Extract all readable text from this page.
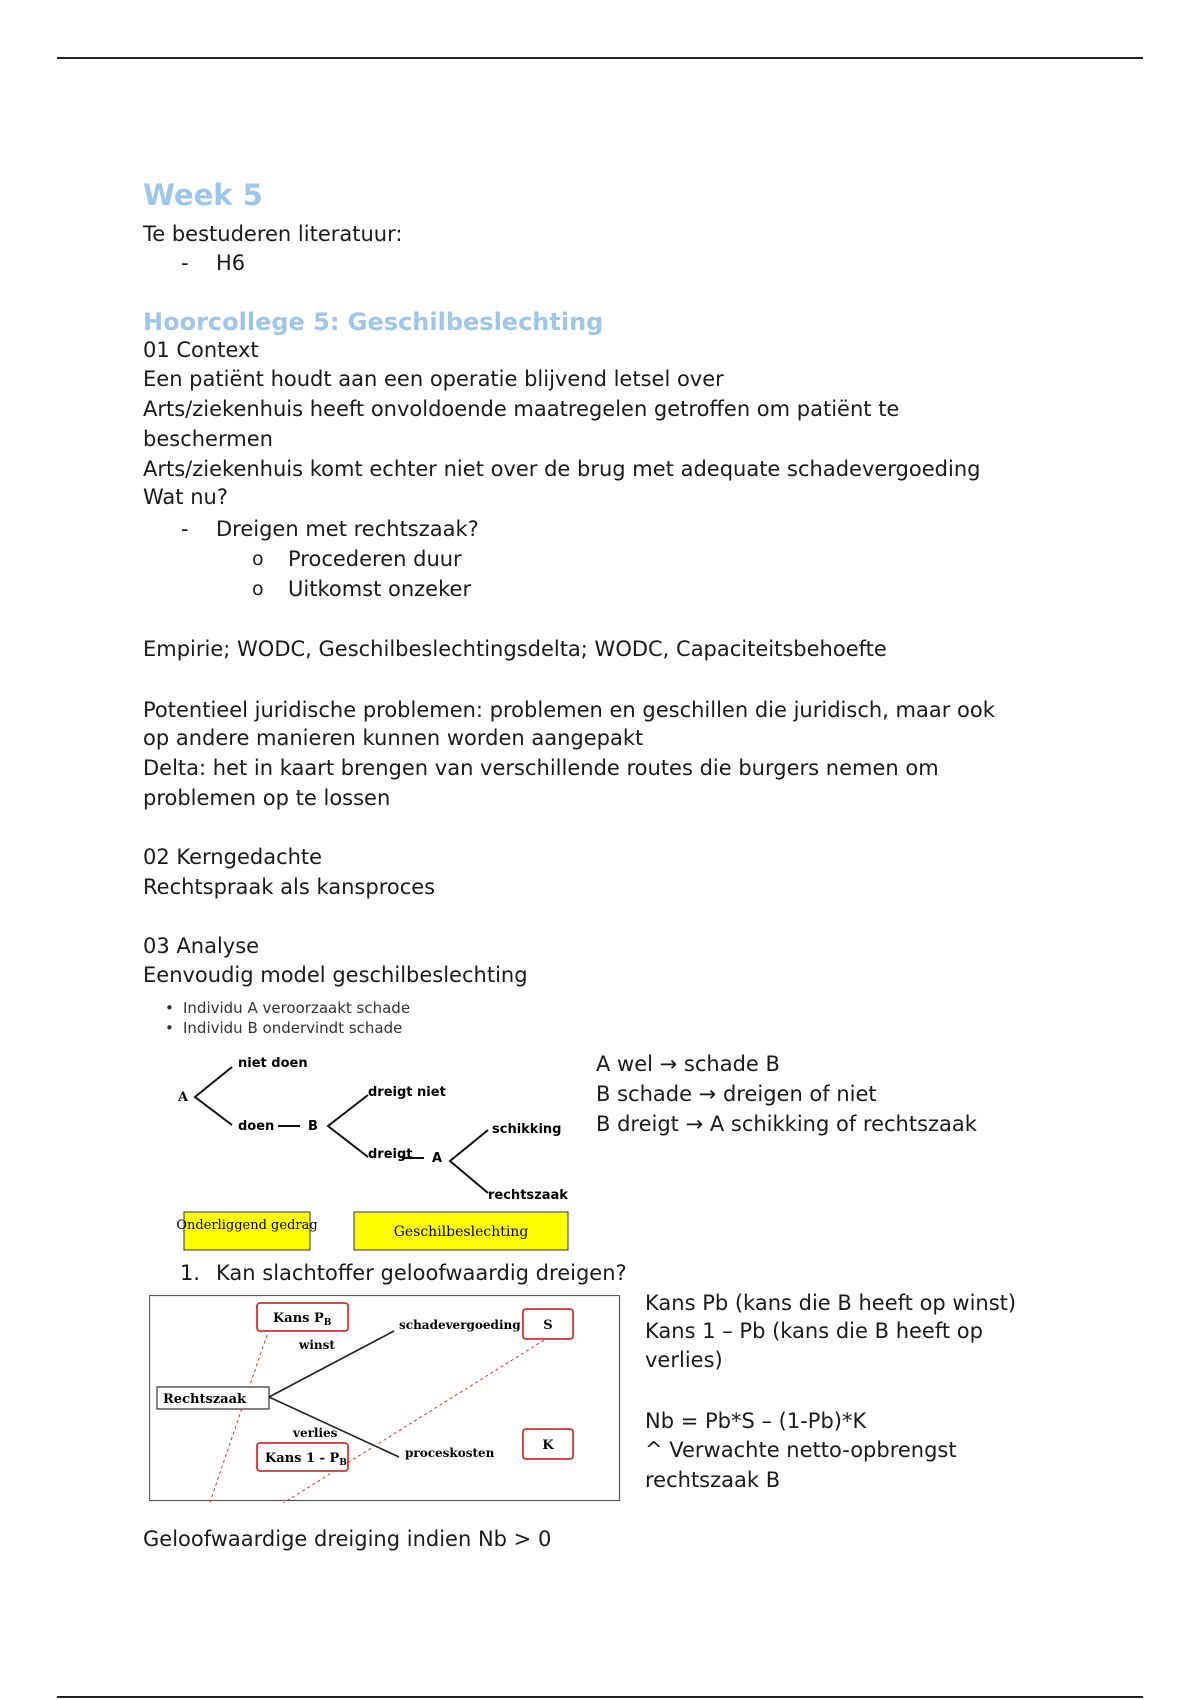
Week 5
Te bestuderen literatuur:
- H6
Hoorcollege 5: Geschilbeslechting
01 Context
Een patiënt houdt aan een operatie blijvend letsel over
Arts/ziekenhuis heeft onvoldoende maatregelen getroffen om patiënt te
beschermen
Arts/ziekenhuis komt echter niet over de brug met adequate schadevergoeding
Wat nu?
- Dreigen met rechtszaak?
o Procederen duur
o Uitkomst onzeker
Empirie; WODC, Geschilbeslechtingsdelta; WODC, Capaciteitsbehoefte
Potentieel juridische problemen: problemen en geschillen die juridisch, maar ook
op andere manieren kunnen worden aangepakt
Delta: het in kaart brengen van verschillende routes die burgers nemen om
problemen op te lossen
02 Kerngedachte
Rechtspraak als kansproces
03 Analyse
Eenvoudig model geschilbeslechting
• Individu A veroorzaakt schade
• Individu B ondervindt schade
A
niet doen
doen	B
dreigt niet
dreigt A
schikking
rechtszaak
Onderliggend gedrag	Geschilbeslechting
A wel → schade B
B schade → dreigen of niet
B dreigt → A schikking of rechtszaak
1. Kan slachtoffer geloofwaardig dreigen?
Rechtszaak
Kans $P_B$
Kans $1 - P_B$
winst
verlies
schadevergoeding
proceskosten
S
K
Kans Pb (kans die B heeft op winst)
Kans 1 – Pb (kans die B heeft op
verlies)
Nb = Pb*S – (1-Pb)*K
^ Verwachte netto-opbrengst
rechtszaak B
Geloofwaardige dreiging indien Nb > 0
